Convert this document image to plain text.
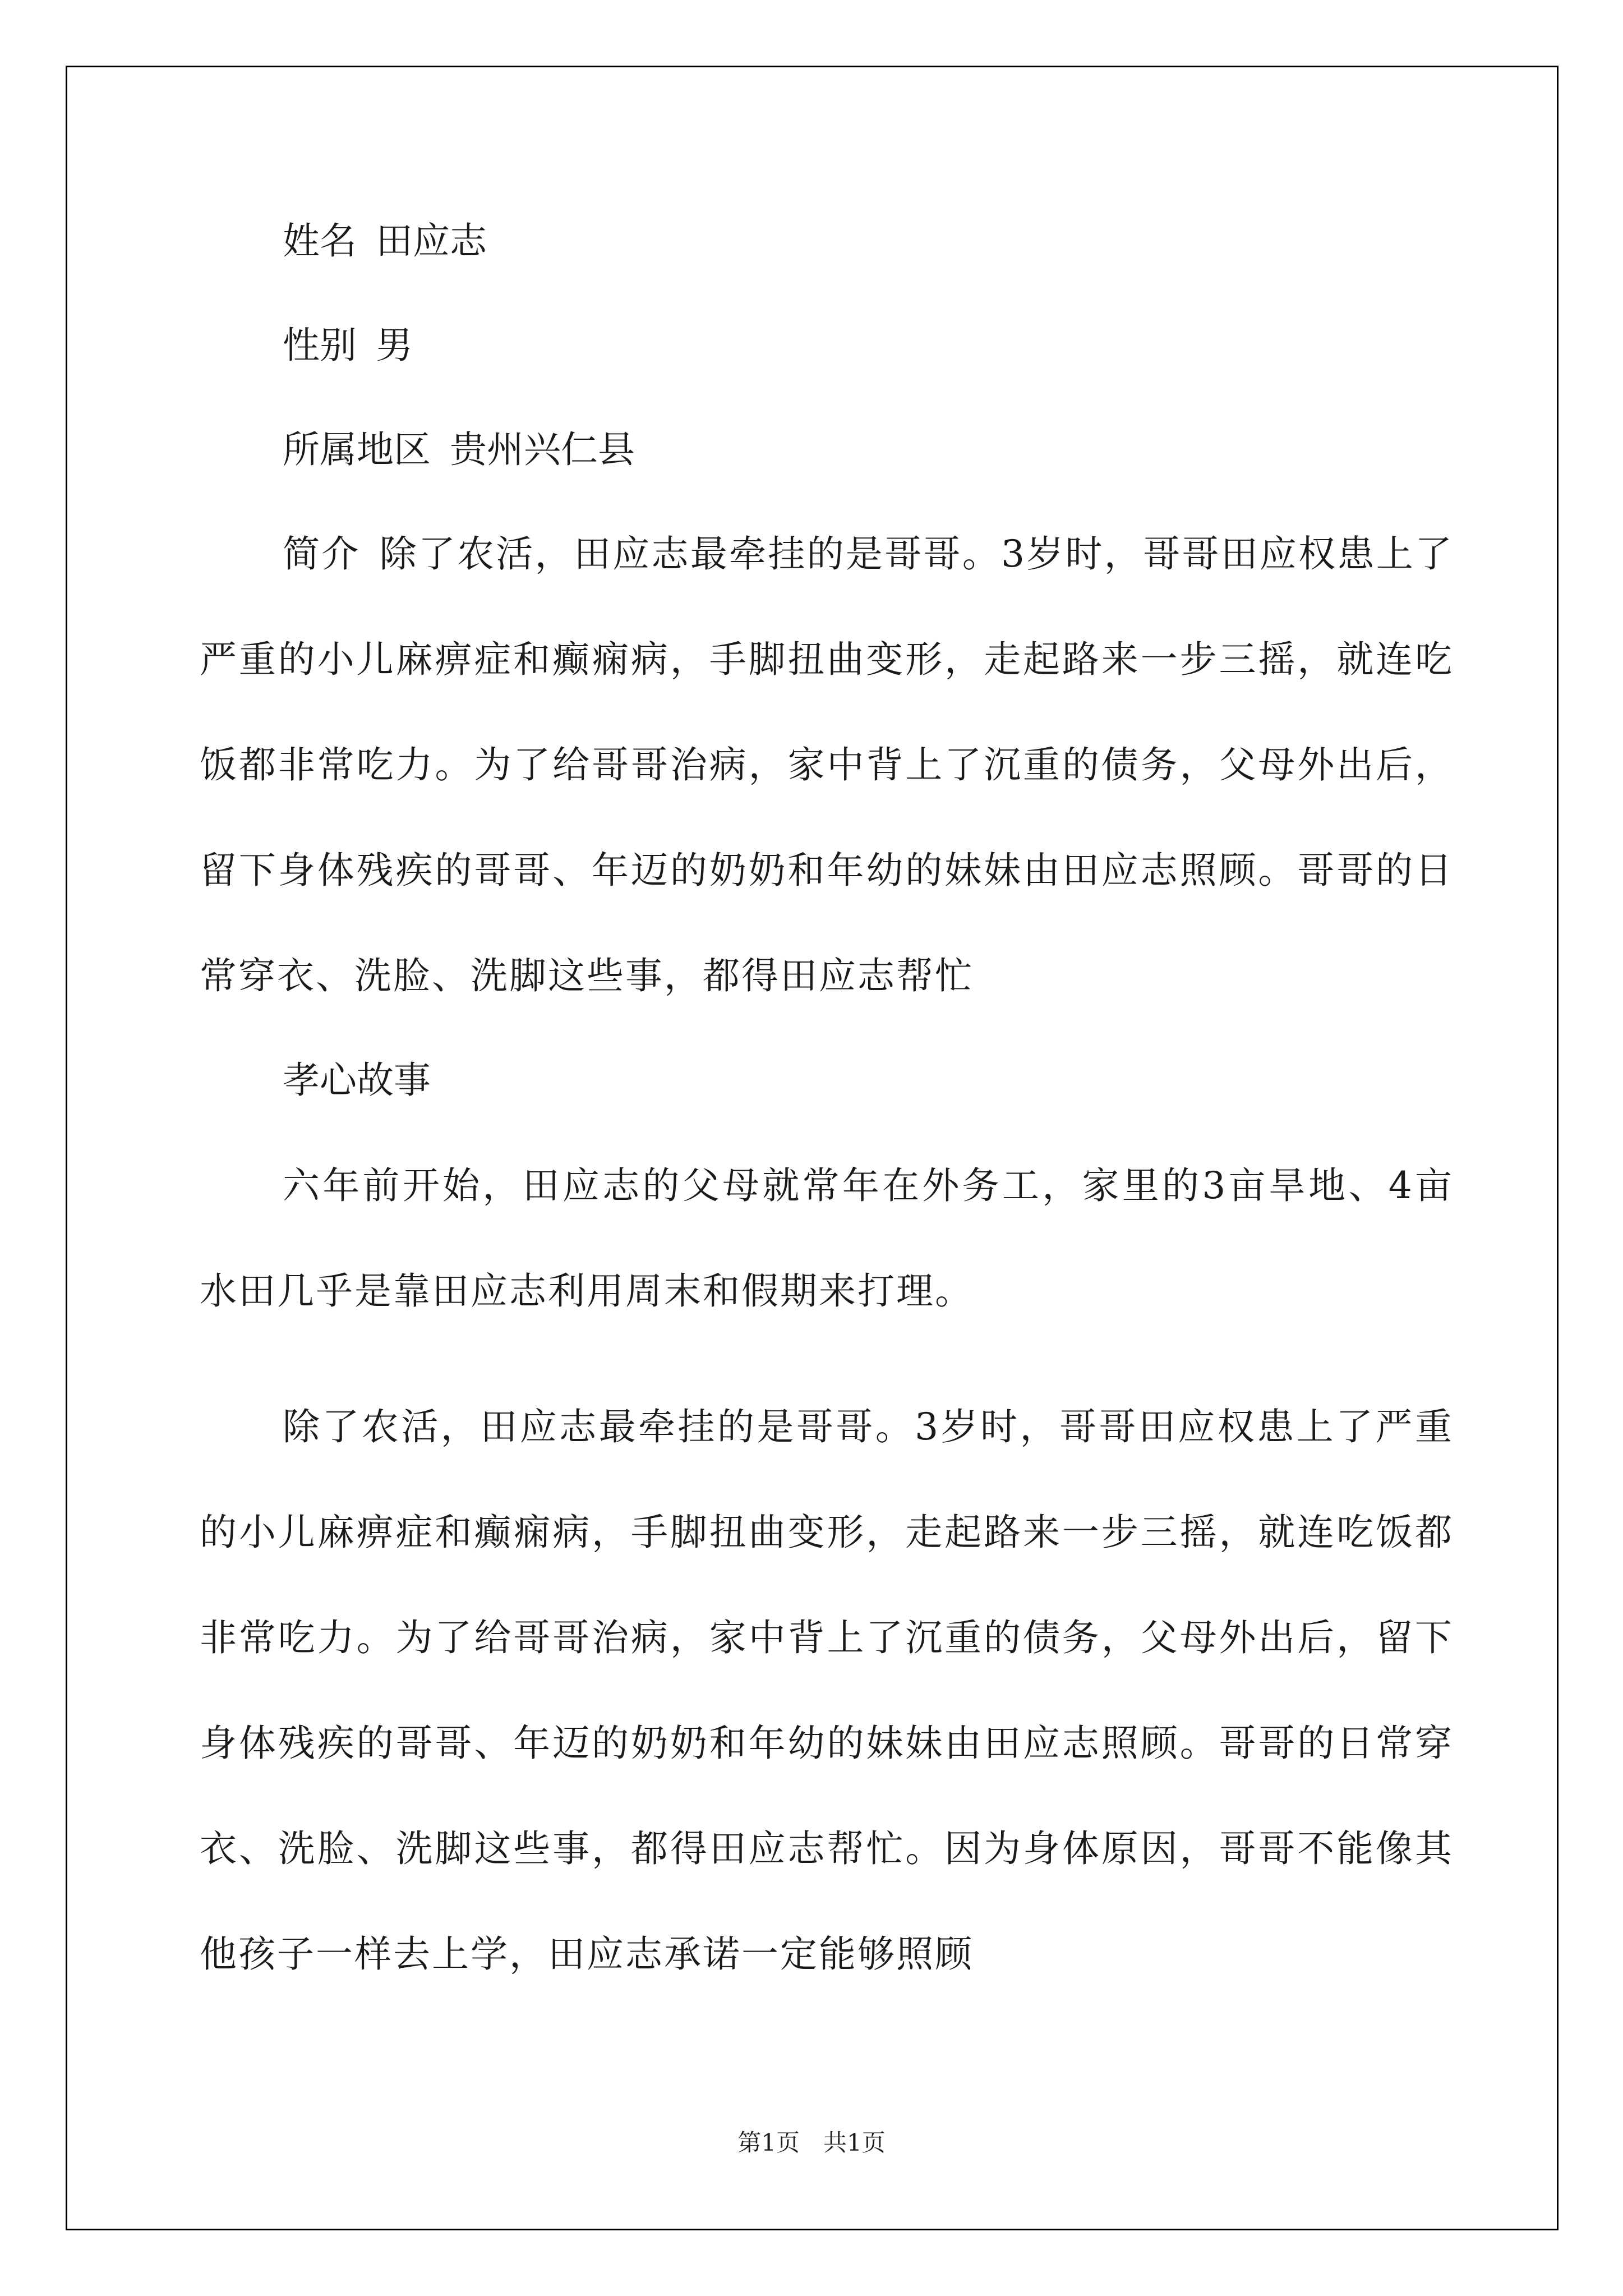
姓名 田应志
性别 男
所属地区 贵州兴仁县

简介 除了农活，田应志最牵挂的是哥哥。3岁时，哥哥田应权患上了严重的小儿麻痹症和癫痫病，手脚扭曲变形，走起路来一步三摇，就连吃饭都非常吃力。为了给哥哥治病，家中背上了沉重的债务，父母外出后，留下身体残疾的哥哥、年迈的奶奶和年幼的妹妹由田应志照顾。哥哥的日常穿衣、洗脸、洗脚这些事，都得田应志帮忙

孝心故事

六年前开始，田应志的父母就常年在外务工，家里的3亩旱地、4亩水田几乎是靠田应志利用周末和假期来打理。

除了农活，田应志最牵挂的是哥哥。3岁时，哥哥田应权患上了严重的小儿麻痹症和癫痫病，手脚扭曲变形，走起路来一步三摇，就连吃饭都非常吃力。为了给哥哥治病，家中背上了沉重的债务，父母外出后，留下身体残疾的哥哥、年迈的奶奶和年幼的妹妹由田应志照顾。哥哥的日常穿衣、洗脸、洗脚这些事，都得田应志帮忙。因为身体原因，哥哥不能像其他孩子一样去上学，田应志承诺一定能够照顾

第1页　共1页
